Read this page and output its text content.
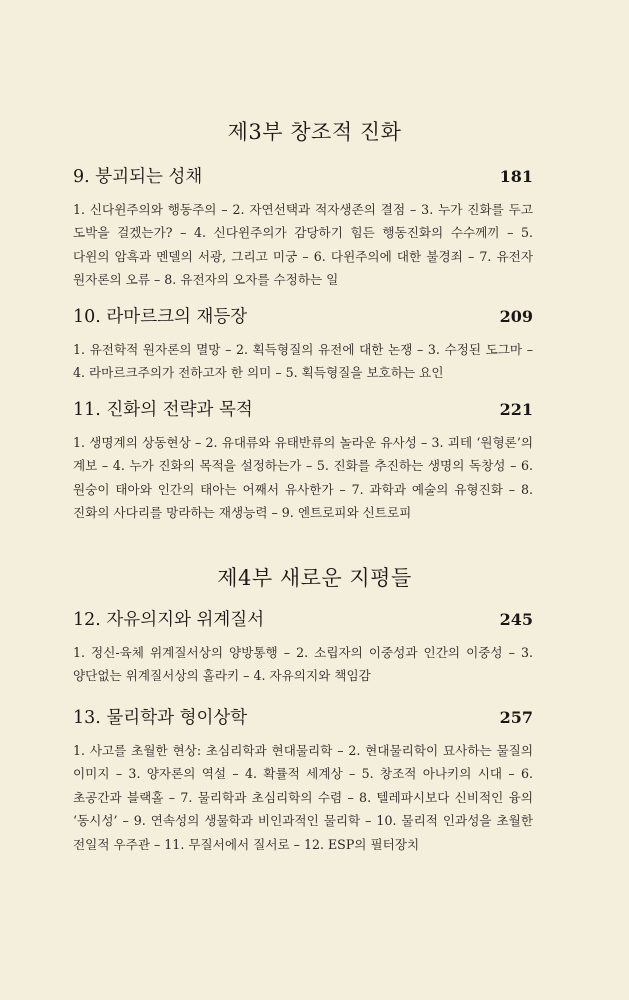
제3부 창조적 진화
9. 붕괴되는 성채	181
1. 신다윈주의와 행동주의 – 2. 자연선택과 적자생존의 결점 – 3. 누가 진화를 두고 도박을 걸겠는가? – 4. 신다윈주의가 감당하기 힘든 행동진화의 수수께끼 – 5. 다윈의 암흑과 멘델의 서광, 그리고 미궁 – 6. 다윈주의에 대한 불경죄 – 7. 유전자 원자론의 오류 – 8. 유전자의 오자를 수정하는 일
10. 라마르크의 재등장	209
1. 유전학적 원자론의 멸망 – 2. 획득형질의 유전에 대한 논쟁 – 3. 수정된 도그마 – 4. 라마르크주의가 전하고자 한 의미 – 5. 획득형질을 보호하는 요인
11. 진화의 전략과 목적	221
1. 생명계의 상동현상 – 2. 유대류와 유태반류의 놀라운 유사성 – 3. 괴테 ‘원형론’의 계보 – 4. 누가 진화의 목적을 설정하는가 – 5. 진화를 추진하는 생명의 독창성 – 6. 원숭이 태아와 인간의 태아는 어째서 유사한가 – 7. 과학과 예술의 유형진화 – 8. 진화의 사다리를 망라하는 재생능력 – 9. 엔트로피와 신트로피
제4부 새로운 지평들
12. 자유의지와 위계질서	245
1. 정신-육체 위계질서상의 양방통행 – 2. 소립자의 이중성과 인간의 이중성 – 3. 양단없는 위계질서상의 홀라키 – 4. 자유의지와 책임감
13. 물리학과 형이상학	257
1. 사고를 초월한 현상: 초심리학과 현대물리학 – 2. 현대물리학이 묘사하는 물질의 이미지 – 3. 양자론의 역설 – 4. 확률적 세계상 – 5. 창조적 아나키의 시대 – 6. 초공간과 블랙홀 – 7. 물리학과 초심리학의 수렴 – 8. 텔레파시보다 신비적인 융의 ‘동시성’ – 9. 연속성의 생물학과 비인과적인 물리학 – 10. 물리적 인과성을 초월한 전일적 우주관 – 11. 무질서에서 질서로 – 12. ESP의 필터장치
